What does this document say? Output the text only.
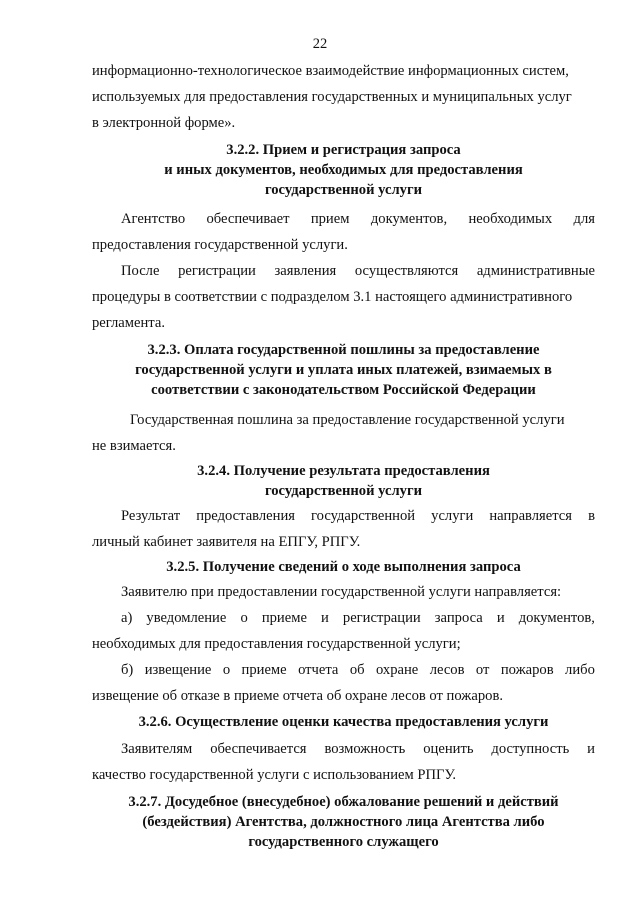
22
информационно-технологическое взаимодействие информационных систем,
используемых для предоставления государственных и муниципальных услуг
в электронной форме».
3.2.2. Прием и регистрация запроса
и иных документов, необходимых для предоставления
государственной услуги
Агентство обеспечивает прием документов, необходимых для
предоставления государственной услуги.
После регистрации заявления осуществляются административные
процедуры в соответствии с подразделом 3.1 настоящего административного
регламента.
3.2.3. Оплата государственной пошлины за предоставление
государственной услуги и уплата иных платежей, взимаемых в
соответствии с законодательством Российской Федерации
Государственная пошлина за предоставление государственной услуги
не взимается.
3.2.4. Получение результата предоставления
государственной услуги
Результат предоставления государственной услуги направляется в
личный кабинет заявителя на ЕПГУ, РПГУ.
3.2.5. Получение сведений о ходе выполнения запроса
Заявителю при предоставлении государственной услуги направляется:
а) уведомление о приеме и регистрации запроса и документов,
необходимых для предоставления государственной услуги;
б) извещение о приеме отчета об охране лесов от пожаров либо
извещение об отказе в приеме отчета об охране лесов от пожаров.
3.2.6. Осуществление оценки качества предоставления услуги
Заявителям обеспечивается возможность оценить доступность и
качество государственной услуги с использованием РПГУ.
3.2.7. Досудебное (внесудебное) обжалование решений и действий
(бездействия) Агентства, должностного лица Агентства либо
государственного служащего
